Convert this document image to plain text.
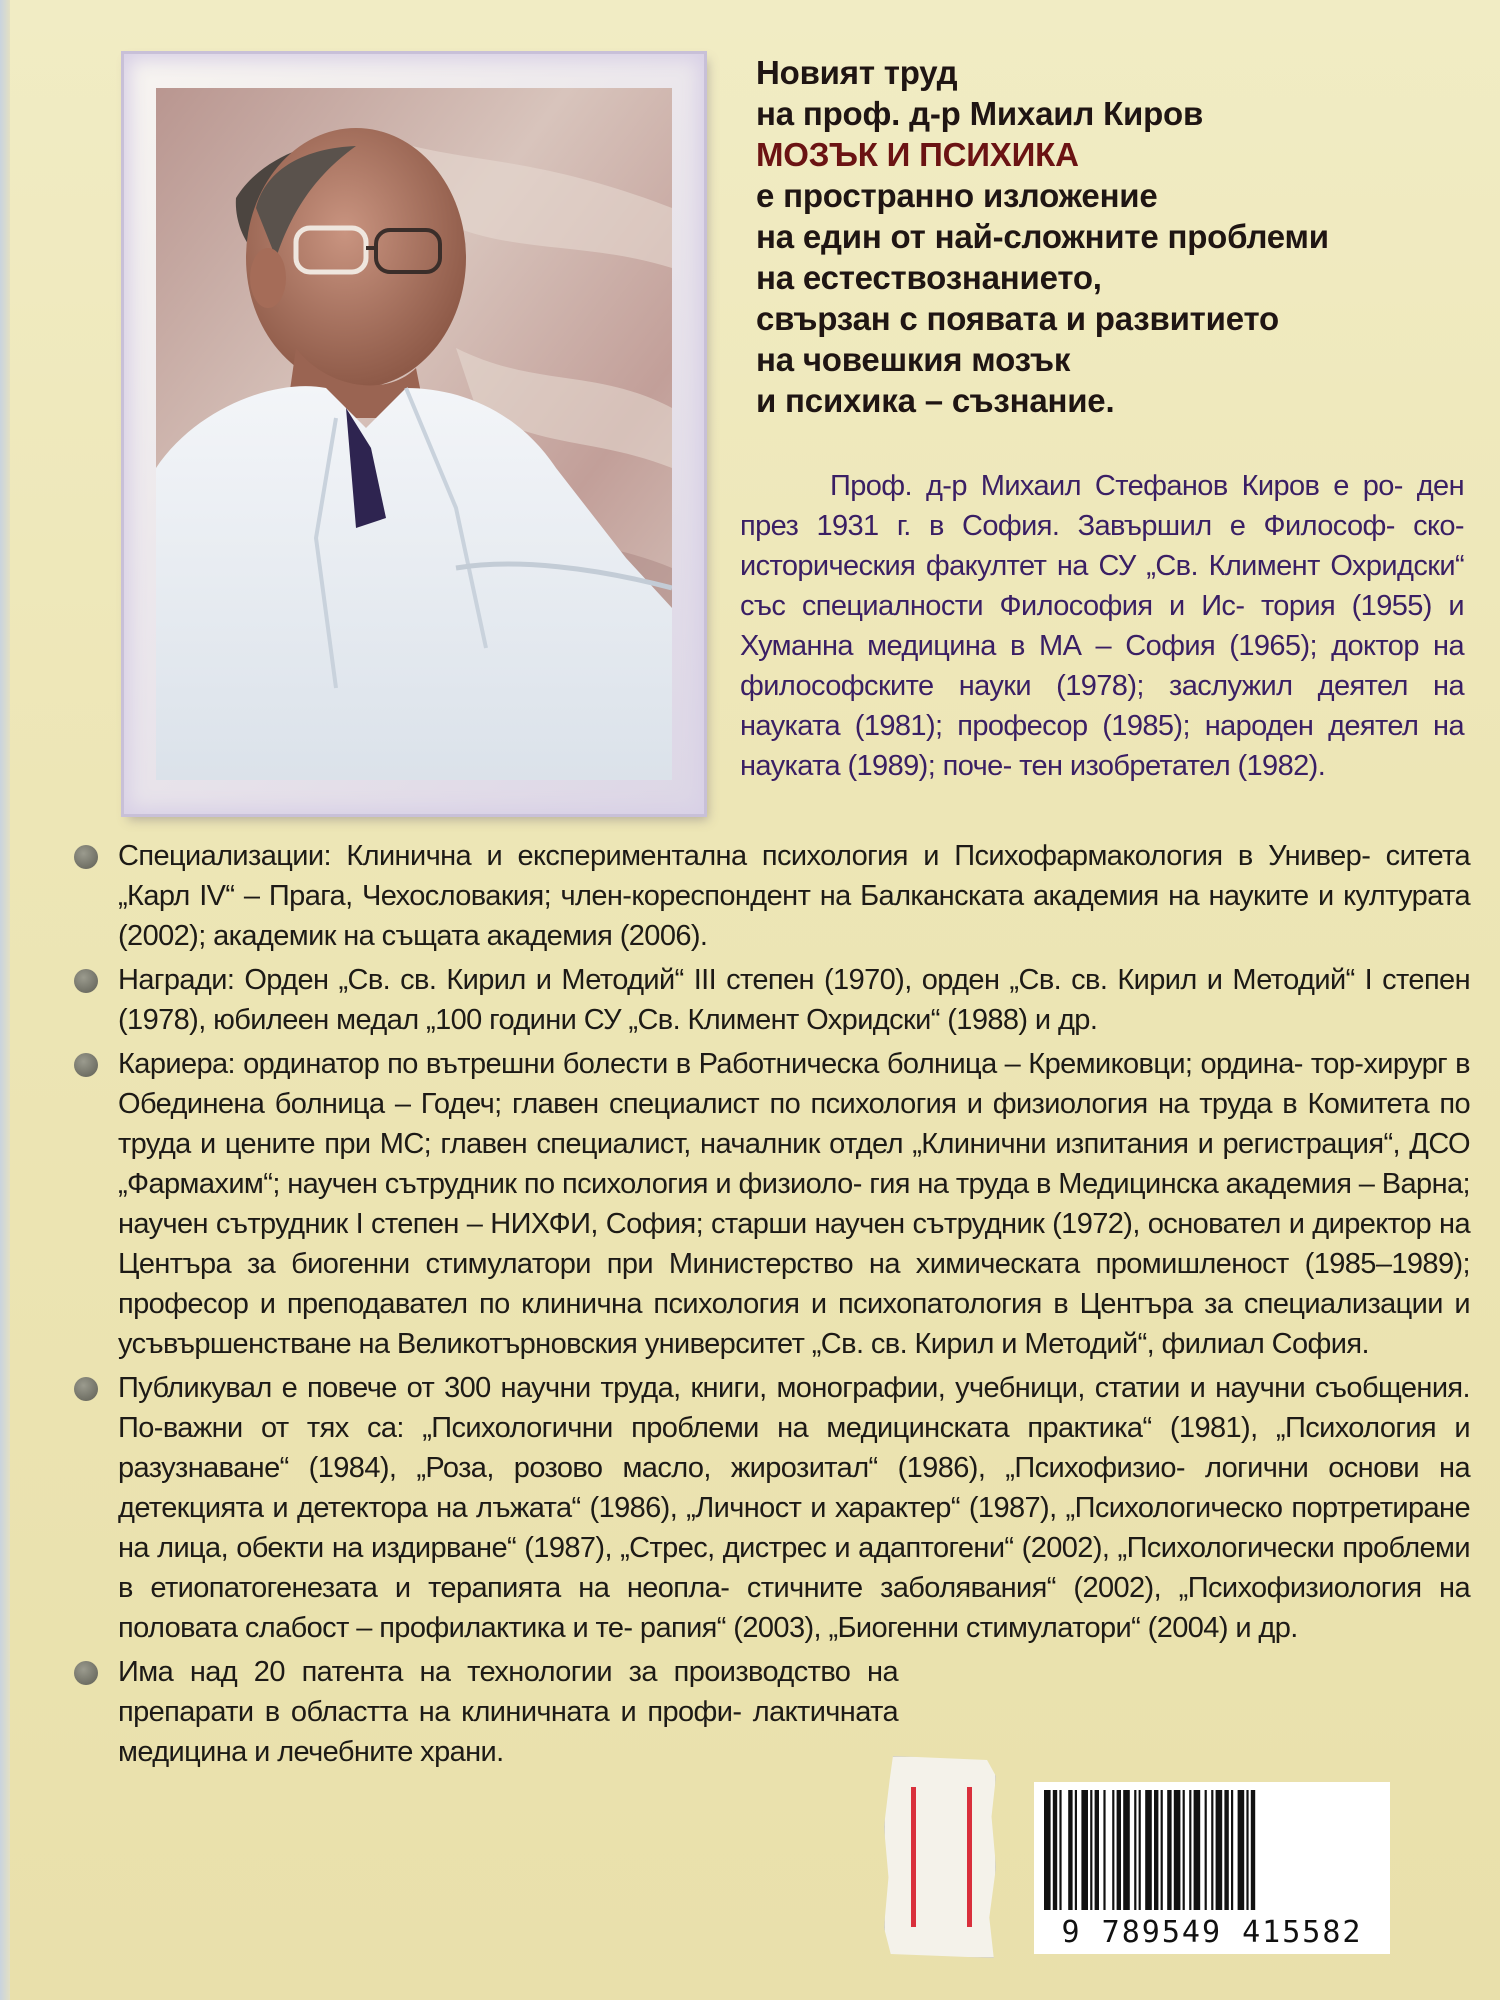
Новият труд
на проф. д-р Михаил Киров
МОЗЪК И ПСИХИКА
е пространно изложение
на един от най-сложните проблеми
на естествознанието,
свързан с появата и развитието
на човешкия мозък
и психика – съзнание.

Проф. д-р Михаил Стефанов Киров е ро- ден през 1931 г. в София. Завършил е Философ- ско-историческия факултет на СУ „Св. Климент Охридски“ със специалности Философия и Ис- тория (1955) и Хуманна медицина в МА – София (1965); доктор на философските науки (1978); заслужил деятел на науката (1981); професор (1985); народен деятел на науката (1989); почe- тен изобретател (1982).

Специализации: Клинична и експериментална психология и Психофармакология в Универ- ситета „Карл IV“ – Прага, Чехословакия; член-кореспондент на Балканската академия на науките и културата (2002); академик на същата академия (2006).
Награди: Орден „Св. св. Кирил и Методий“ III степен (1970), орден „Св. св. Кирил и Методий“ I степен (1978), юбилеен медал „100 години СУ „Св. Климент Охридски“ (1988) и др.
Кариера: ординатор по вътрешни болести в Работническа болница – Кремиковци; ордина- тор-хирург в Обединена болница – Годеч; главен специалист по психология и физиология на труда в Комитета по труда и цените при МС; главен специалист, началник отдел „Клинични изпитания и регистрация“, ДСО „Фармахим“; научен сътрудник по психология и физиоло- гия на труда в Медицинска академия – Варна; научен сътрудник I степен – НИХФИ, София; старши научен сътрудник (1972), основател и директор на Центъра за биогенни стимулатори при Министерство на химическата промишленост (1985–1989); професор и преподавател по клинична психология и психопатология в Центъра за специализации и усъвършенстване на Великотърновския университет „Св. св. Кирил и Методий“, филиал София.
Публикувал е повече от 300 научни труда, книги, монографии, учебници, статии и научни съобщения. По-важни от тях са: „Психологични проблеми на медицинската практика“ (1981), „Психология и разузнаване“ (1984), „Роза, розово масло, жирозитал“ (1986), „Психофизио- логични основи на детекцията и детектора на лъжата“ (1986), „Личност и характер“ (1987), „Психологическо портретиране на лица, обекти на издирване“ (1987), „Стрес, дистрес и адаптогени“ (2002), „Психологически проблеми в етиопатогенезата и терапията на неопла- стичните заболявания“ (2002), „Психофизиология на половата слабост – профилактика и те- рапия“ (2003), „Биогенни стимулатори“ (2004) и др.
Има над 20 патента на технологии за производство на препарати в областта на клиничната и профи- лактичната медицина и лечебните храни.
9 789549 415582
